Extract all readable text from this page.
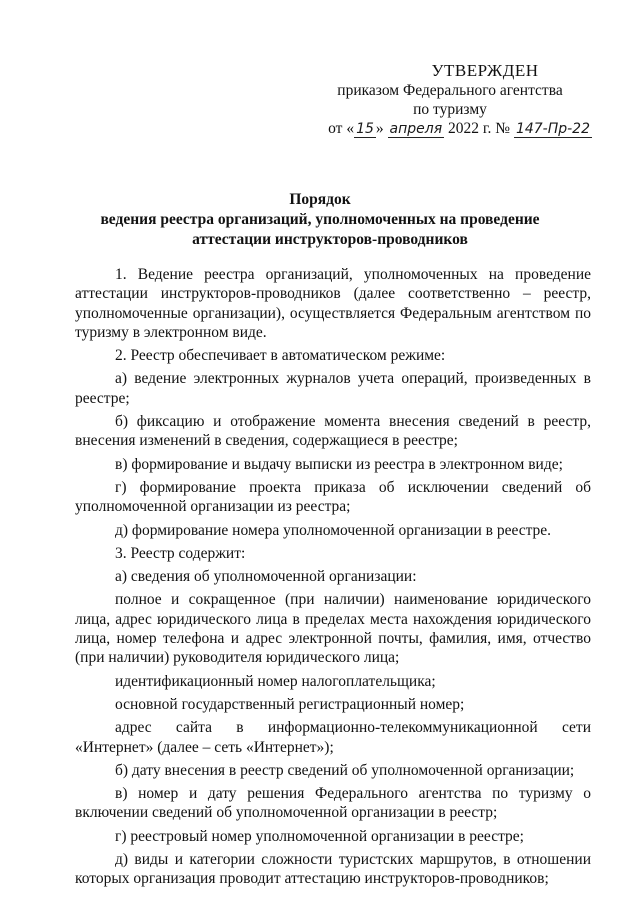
УТВЕРЖДЕН
приказом Федерального агентства
по туризму
от « 15 » апреля 2022 г. № 147-Пр-22
Порядок
ведения реестра организаций, уполномоченных на проведение
аттестации инструкторов-проводников

1. Ведение реестра организаций, уполномоченных на проведение аттестации инструкторов-проводников (далее соответственно – реестр, уполномоченные организации), осуществляется Федеральным агентством по туризму в электронном виде.

2. Реестр обеспечивает в автоматическом режиме:

а) ведение электронных журналов учета операций, произведенных в реестре;

б) фиксацию и отображение момента внесения сведений в реестр, внесения изменений в сведения, содержащиеся в реестре;

в) формирование и выдачу выписки из реестра в электронном виде;

г) формирование проекта приказа об исключении сведений об уполномоченной организации из реестра;

д) формирование номера уполномоченной организации в реестре.

3. Реестр содержит:

а) сведения об уполномоченной организации:

полное и сокращенное (при наличии) наименование юридического лица, адрес юридического лица в пределах места нахождения юридического лица, номер телефона и адрес электронной почты, фамилия, имя, отчество (при наличии) руководителя юридического лица;

идентификационный номер налогоплательщика;

основной государственный регистрационный номер;

адрес сайта в информационно-телекоммуникационной сети «Интернет» (далее – сеть «Интернет»);

б) дату внесения в реестр сведений об уполномоченной организации;

в) номер и дату решения Федерального агентства по туризму о включении сведений об уполномоченной организации в реестр;

г) реестровый номер уполномоченной организации в реестре;

д) виды и категории сложности туристских маршрутов, в отношении которых организация проводит аттестацию инструкторов-проводников;
